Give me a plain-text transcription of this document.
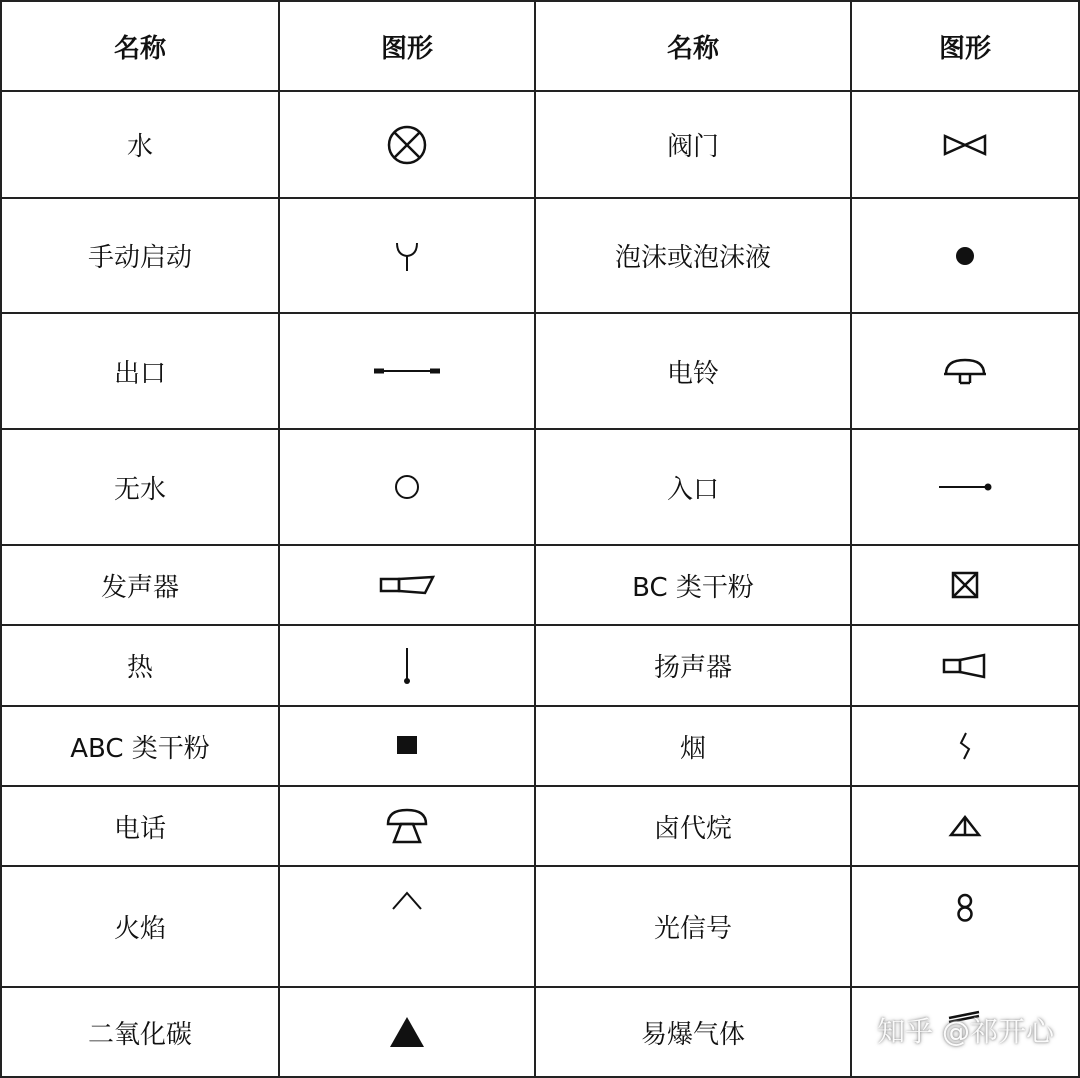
名称	图形	名称	图形
水		阀门	

手动启动		泡沫或泡沫液	

出口		电铃	

无水		入口	

发声器		BC 类干粉	

热		扬声器	

ABC 类干粉		烟	

电话		卤代烷	

火焰		光信号	

二氧化碳		易爆气体		知乎 @祁开心
